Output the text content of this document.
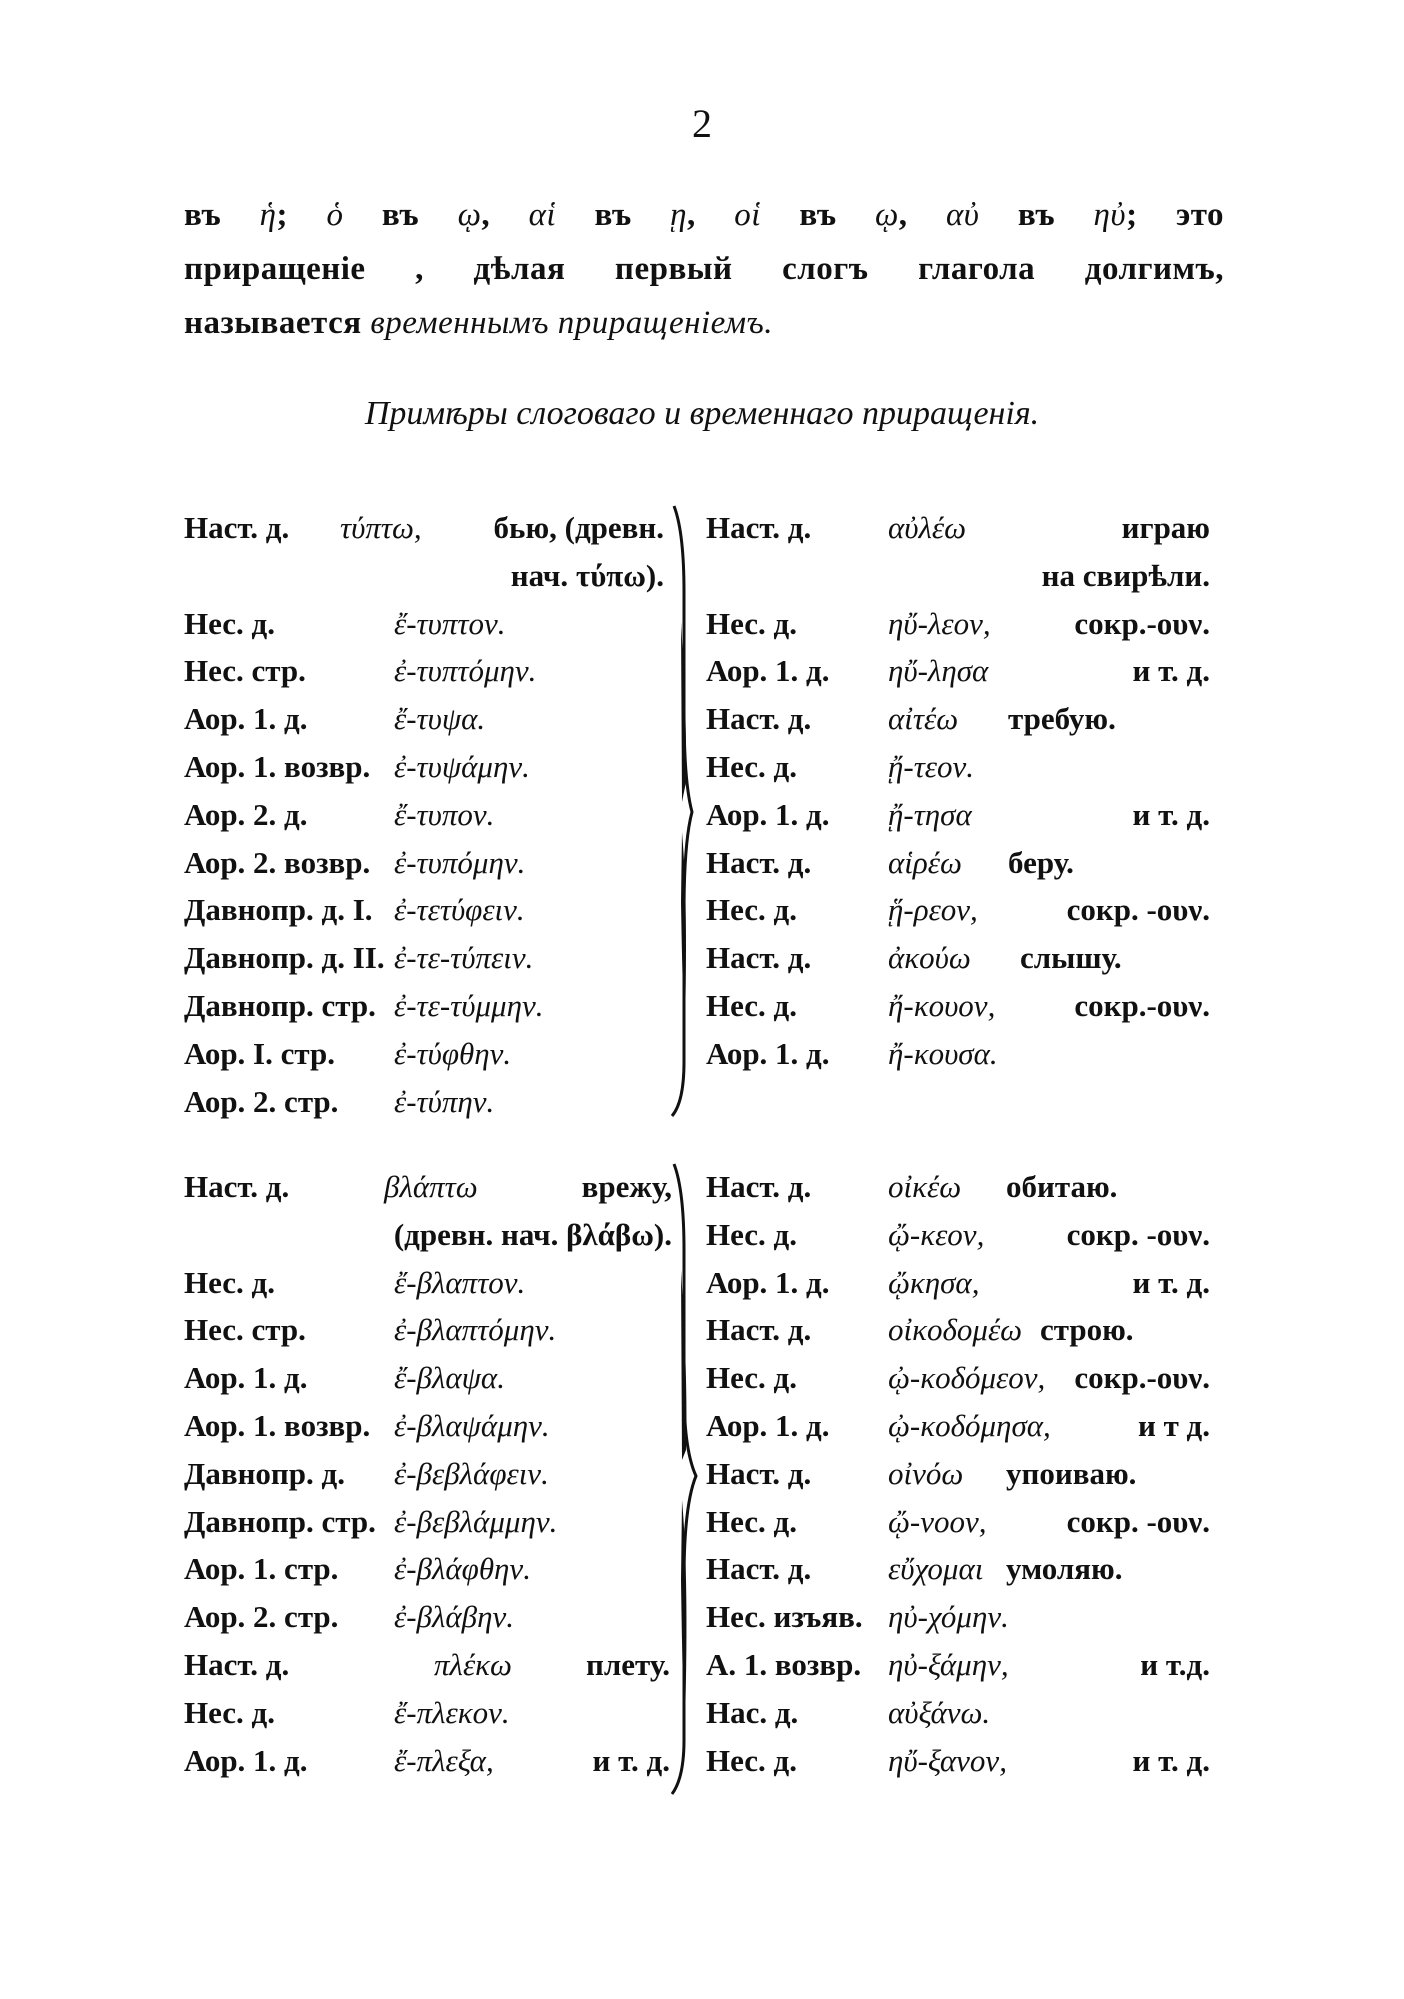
2
въ ἡ; ὁ въ ῳ, αἱ въ ῃ, οἱ въ ῳ, αὐ въ ηὐ; это
приращеніе , дѣлая первый слогъ глагола долгимъ,
называется временнымъ приращеніемъ.
Примѣры слоговаго и временнаго приращенія.
Наст. д. τύπτω, бью, (древн.
нач. τύπω).
Нес. д.	ἔ-τυπτον.
Нес. стр.	ἐ-τυπτόμην.
Аор. 1. д.	ἔ-τυψα.
Аор. 1. возвр. ἐ-τυψάμην.
Аор. 2. д.	ἔ-τυπον.
Аор. 2. возвр. ἐ-τυπόμην.
Давнопр. д. I. ἐ-τετύφειν.
Давнопр. д. II. ἐ-τε-τύπειν.
Давнопр. стр. ἐ-τε-τύμμην.
Аор. I. стр. ἐ-τύφθην.
Аор. 2. стр. ἐ-τύπην.
Наст. д. αὐλέω	играю
на свирѣли.
Нес. д.	ηὔ-λεον,	сокр.-ουν.
Аор. 1. д. ηὔ-λησα	и т. д.
Наст. д. αἰτέω требую.
Нес. д.	ᾔ-τεον.
Аор. 1. д. ᾔ-τησα	и т. д.
Наст. д. αἱρέω беру.
Нес. д.	ᾕ-ρεον,	сокр. -ουν.
Наст. д. ἀκούω слышу.
Нес. д.	ἤ-κουον,	сокр.-ουν.
Аор. 1. д. ἤ-κουσα.
Наст. д.	βλάπτω	врежу,
(древн. нач. βλάβω).
Нес. д.	ἔ-βλαπτον.
Нес. стр.	ἐ-βλαπτόμην.
Аор. 1. д.	ἔ-βλαψα.
Аор. 1. возвр. ἐ-βλαψάμην.
Давнопр. д. ἐ-βεβλάφειν.
Давнопр. стр. ἐ-βεβλάμμην.
Аор. 1. стр. ἐ-βλάφθην.
Аор. 2. стр. ἐ-βλάβην.
Наст. д.	πλέκω плету.
Нес. д.	ἔ-πλεκον.
Аор. 1. д.	ἔ-πλεξα,	и т. д.
Наст. д. οἰκέω обитаю.
Нес. д.	ᾤ-κεον,	сокр. -ουν.
Аор. 1. д. ᾤκησα,	и т. д.
Наст. д. οἰκοδομέω строю.
Нес. д.	ᾠ-κοδόμεον, сокр.-ουν.
Аор. 1. д. ᾠ-κοδόμησα,	и т д.
Наст. д. οἰνόω упоиваю.
Нес. д.	ᾤ-νοον,	сокр. -ουν.
Наст. д. εὔχομαι умоляю.
Нес. изъяв. ηὐ-χόμην.
А. 1. возвр. ηὐ-ξάμην,	и т.д.
Нас. д.	αὐξάνω.
Нес. д.	ηὔ-ξανον,	и т. д.
